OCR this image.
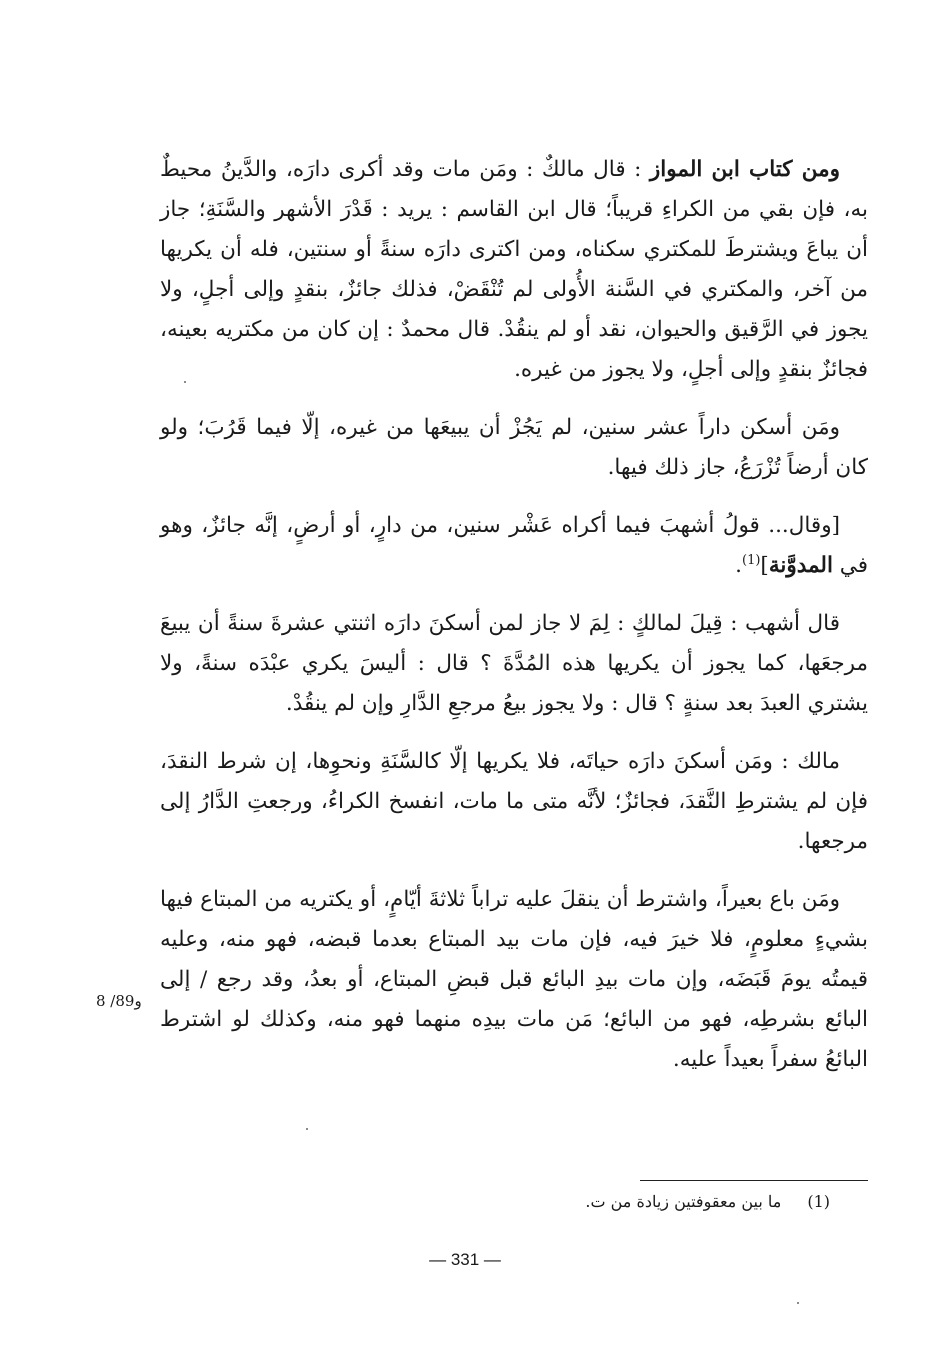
ومن كتاب ابن المواز : قال مالكٌ : ومَن مات وقد أكرى دارَه، والدَّينُ محيطٌ به، فإن بقي من الكراءِ قريباً؛ قال ابن القاسم : يريد : قَدْرَ الأشهر والسَّنَةِ؛ جاز أن يباعَ ويشترطَ للمكتري سكناه، ومن اكترى دارَه سنةً أو سنتين، فله أن يكريها من آخر، والمكتري في السَّنة الأُولى لم تُنْقَضْ، فذلك جائزٌ، بنقدٍ وإلى أجلٍ، ولا يجوز في الرَّقيق والحيوان، نقد أو لم ينقُدْ. قال محمدٌ : إن كان من مكتريه بعينه، فجائزٌ بنقدٍ وإلى أجلٍ، ولا يجوز من غيره.

ومَن أسكن داراً عشر سنين، لم يَجُزْ أن يبيعَها من غيره، إلّا فيما قَرُبَ؛ ولو كان أرضاً تُزْرَعُ، جاز ذلك فيها.

[وقال... قولُ أشهبَ فيما أكراه عَشْر سنين، من دارٍ، أو أرضٍ، إنَّه جائزٌ، وهو في المدوَّنة]$^{(1)}$.

قال أشهب : قِيلَ لمالكٍ : لِمَ لا جاز لمن أسكنَ دارَه اثنتي عشرةَ سنةً أن يبيعَ مرجعَها، كما يجوز أن يكريها هذه المُدَّةَ ؟ قال : أليسَ يكري عبْدَه سنةً، ولا يشتري العبدَ بعد سنةٍ ؟ قال : ولا يجوز بيعُ مرجعِ الدَّارِ وإن لم ينقُدْ.

مالك : ومَن أسكنَ دارَه حياتَه، فلا يكريها إلّا كالسَّنَةِ ونحوِها، إن شرط النقدَ، فإن لم يشترطِ النَّقدَ، فجائزٌ؛ لأنَّه متى ما مات، انفسخ الكراءُ، ورجعتِ الدَّارُ إلى مرجعها.

ومَن باع بعيراً، واشترط أن ينقلَ عليه تراباً ثلاثةَ أيّامٍ، أو يكتريه من المبتاع فيها بشيءٍ معلومٍ، فلا خيرَ فيه، فإن مات بيد المبتاع بعدما قبضه، فهو منه، وعليه قيمتُه يومَ قَبَضَه، وإن مات بيدِ البائع قبل قبضِ المبتاع، أو بعدُ، وقد رجع / إلى البائع بشرطِه، فهو من البائع؛ مَن مات بيدِه منهما فهو منه، وكذلك لو اشترط البائعُ سفراً بعيداً عليه.

8 /89و
(1)ما بين معقوفتين زيادة من ت.
— 331 —
